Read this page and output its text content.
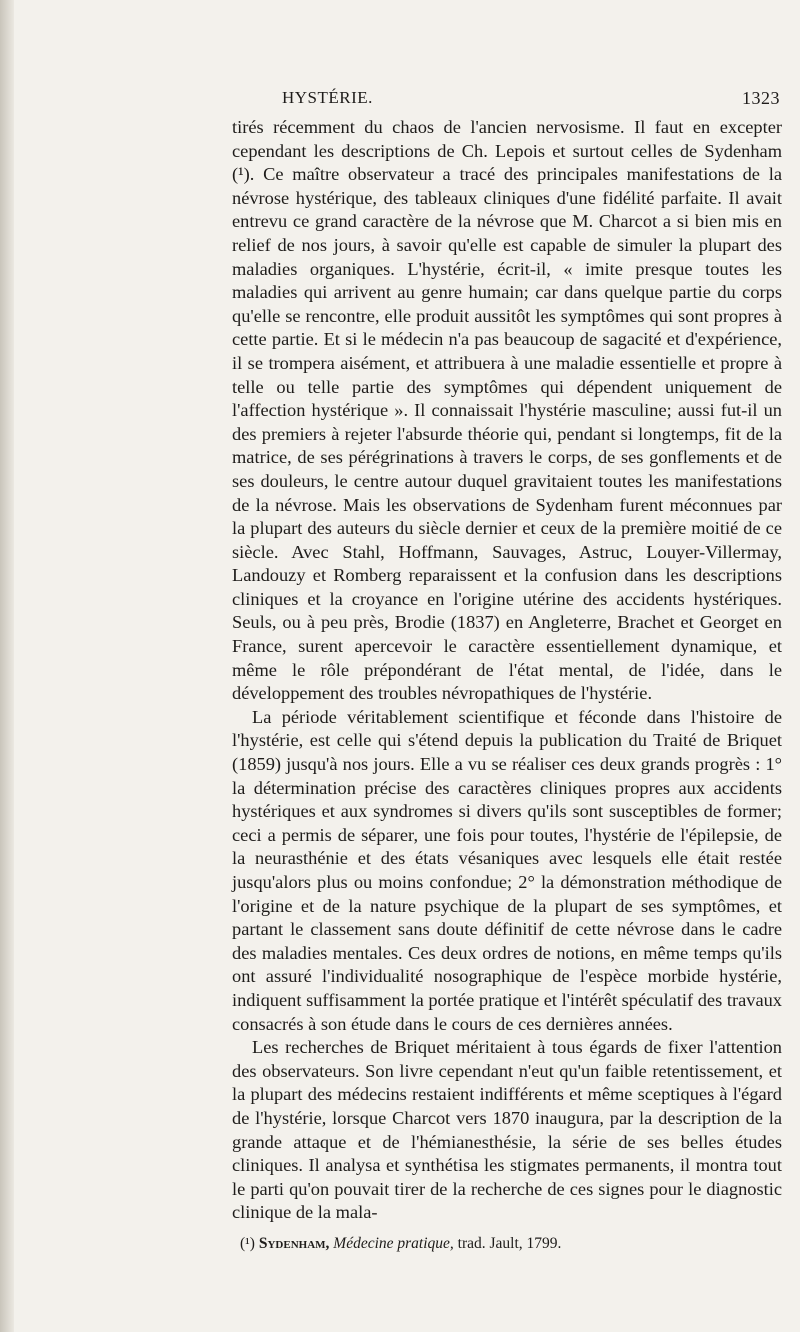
HYSTÉRIE.	1323

tirés récemment du chaos de l'ancien nervosisme. Il faut en excepter cependant les descriptions de Ch. Lepois et surtout celles de Sydenham (¹). Ce maître observateur a tracé des principales manifestations de la névrose hystérique, des tableaux cliniques d'une fidélité parfaite. Il avait entrevu ce grand caractère de la névrose que M. Charcot a si bien mis en relief de nos jours, à savoir qu'elle est capable de simuler la plupart des maladies organiques. L'hystérie, écrit-il, « imite presque toutes les maladies qui arrivent au genre humain; car dans quelque partie du corps qu'elle se rencontre, elle produit aussitôt les symptômes qui sont propres à cette partie. Et si le médecin n'a pas beaucoup de sagacité et d'expérience, il se trompera aisément, et attribuera à une maladie essentielle et propre à telle ou telle partie des symptômes qui dépendent uniquement de l'affection hystérique ». Il connaissait l'hystérie masculine; aussi fut-il un des premiers à rejeter l'absurde théorie qui, pendant si longtemps, fit de la matrice, de ses pérégrinations à travers le corps, de ses gonflements et de ses douleurs, le centre autour duquel gravitaient toutes les manifestations de la névrose. Mais les observations de Sydenham furent méconnues par la plupart des auteurs du siècle dernier et ceux de la première moitié de ce siècle. Avec Stahl, Hoffmann, Sauvages, Astruc, Louyer-Villermay, Landouzy et Romberg reparaissent et la confusion dans les descriptions cliniques et la croyance en l'origine utérine des accidents hystériques. Seuls, ou à peu près, Brodie (1837) en Angleterre, Brachet et Georget en France, surent apercevoir le caractère essentiellement dynamique, et même le rôle prépondérant de l'état mental, de l'idée, dans le développement des troubles névropathiques de l'hystérie.

La période véritablement scientifique et féconde dans l'histoire de l'hystérie, est celle qui s'étend depuis la publication du Traité de Briquet (1859) jusqu'à nos jours. Elle a vu se réaliser ces deux grands progrès : 1° la détermination précise des caractères cliniques propres aux accidents hystériques et aux syndromes si divers qu'ils sont susceptibles de former; ceci a permis de séparer, une fois pour toutes, l'hystérie de l'épilepsie, de la neurasthénie et des états vésaniques avec lesquels elle était restée jusqu'alors plus ou moins confondue; 2° la démonstration méthodique de l'origine et de la nature psychique de la plupart de ses symptômes, et partant le classement sans doute définitif de cette névrose dans le cadre des maladies mentales. Ces deux ordres de notions, en même temps qu'ils ont assuré l'individualité nosographique de l'espèce morbide hystérie, indiquent suffisamment la portée pratique et l'intérêt spéculatif des travaux consacrés à son étude dans le cours de ces dernières années.

Les recherches de Briquet méritaient à tous égards de fixer l'attention des observateurs. Son livre cependant n'eut qu'un faible retentissement, et la plupart des médecins restaient indifférents et même sceptiques à l'égard de l'hystérie, lorsque Charcot vers 1870 inaugura, par la description de la grande attaque et de l'hémianesthésie, la série de ses belles études cliniques. Il analysa et synthétisa les stigmates permanents, il montra tout le parti qu'on pouvait tirer de la recherche de ces signes pour le diagnostic clinique de la mala-

(¹) Sydenham, Médecine pratique, trad. Jault, 1799.
